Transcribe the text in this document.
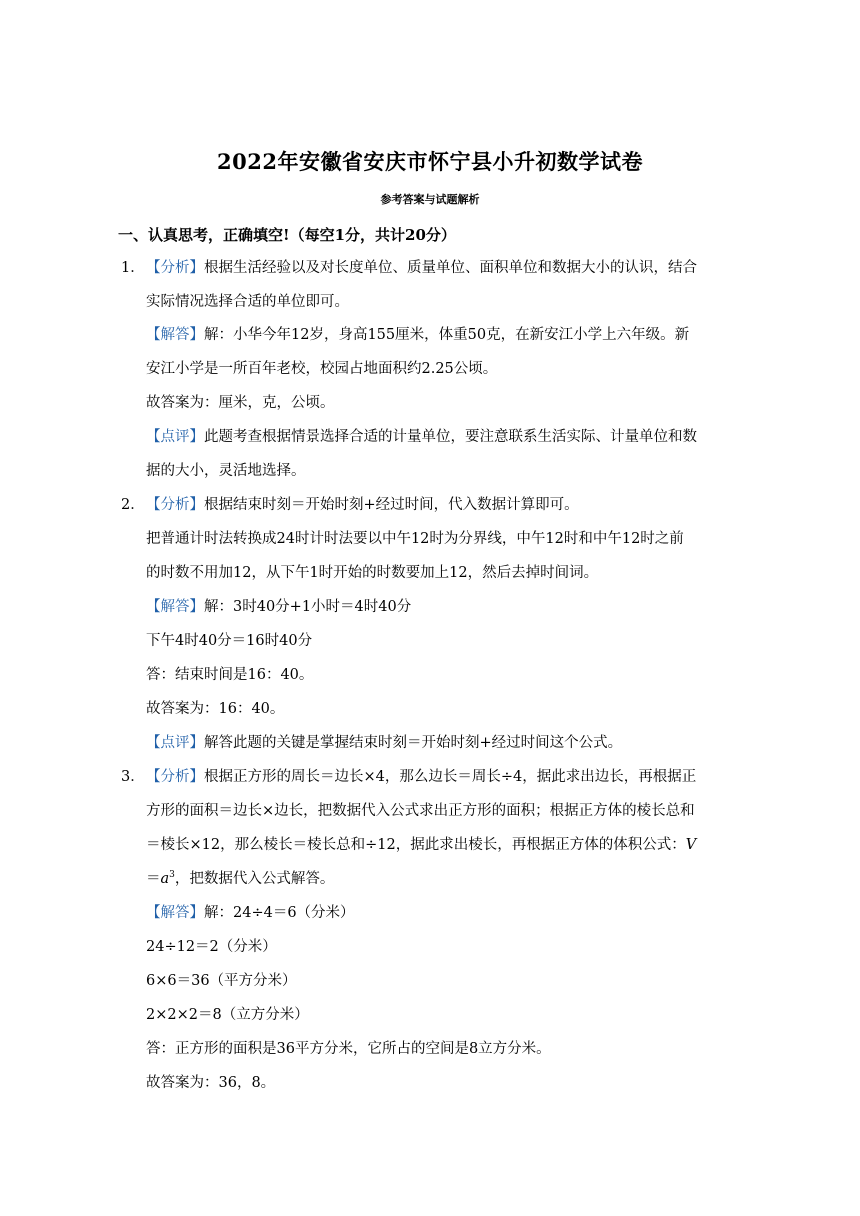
2022年安徽省安庆市怀宁县小升初数学试卷
参考答案与试题解析
一、认真思考，正确填空!（每空1分，共计20分）
1． 【分析】根据生活经验以及对长度单位、质量单位、面积单位和数据大小的认识，结合
实际情况选择合适的单位即可。
【解答】解：小华今年12岁，身高155厘米，体重50克，在新安江小学上六年级。新
安江小学是一所百年老校，校园占地面积约2.25公顷。
故答案为：厘米，克，公顷。
【点评】此题考查根据情景选择合适的计量单位，要注意联系生活实际、计量单位和数
据的大小，灵活地选择。
2． 【分析】根据结束时刻＝开始时刻+经过时间，代入数据计算即可。
把普通计时法转换成24时计时法要以中午12时为分界线，中午12时和中午12时之前
的时数不用加12，从下午1时开始的时数要加上12，然后去掉时间词。
【解答】解：3时40分+1小时＝4时40分
下午4时40分＝16时40分
答：结束时间是16：40。
故答案为：16：40。
【点评】解答此题的关键是掌握结束时刻＝开始时刻+经过时间这个公式。
3． 【分析】根据正方形的周长＝边长×4，那么边长＝周长÷4，据此求出边长，再根据正
方形的面积＝边长×边长，把数据代入公式求出正方形的面积；根据正方体的棱长总和
＝棱长×12，那么棱长＝棱长总和÷12，据此求出棱长，再根据正方体的体积公式：V
$=a^3$，把数据代入公式解答。
【解答】解：24÷4＝6（分米）
24÷12＝2（分米）
6×6＝36（平方分米）
2×2×2＝8（立方分米）
答：正方形的面积是36平方分米，它所占的空间是8立方分米。
故答案为：36，8。
